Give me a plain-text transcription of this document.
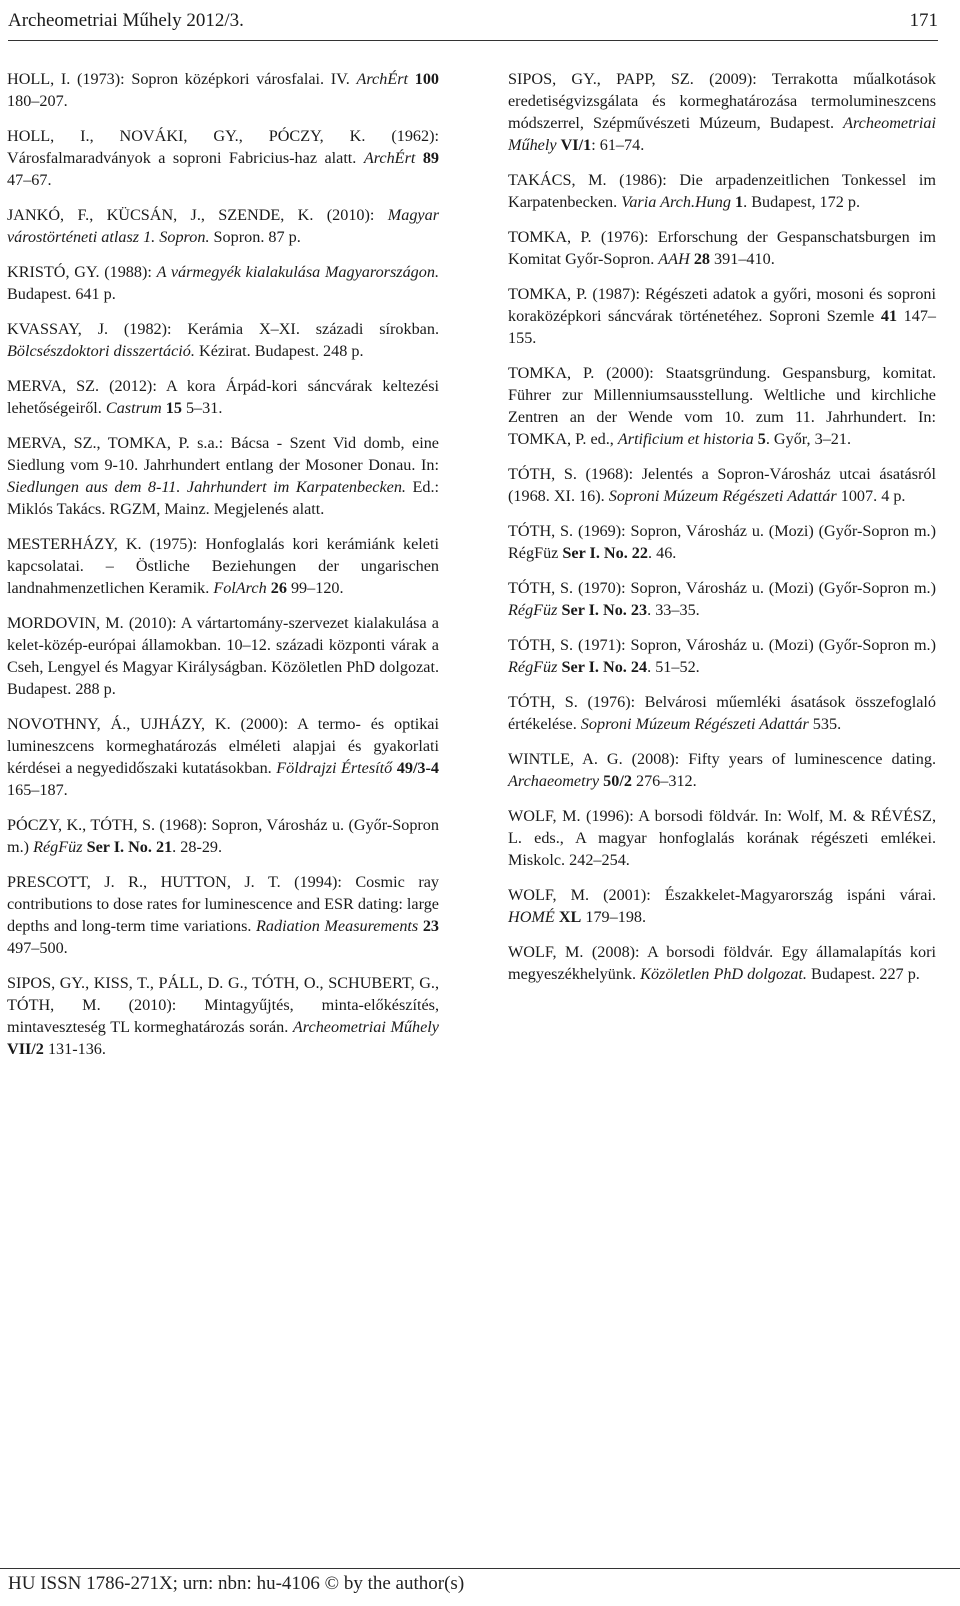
Archeometriai Műhely 2012/3.	171

HOLL, I. (1973): Sopron középkori városfalai. IV. ArchÉrt 100 180–207.

HOLL, I., NOVÁKI, GY., PÓCZY, K. (1962): Városfalmaradványok a soproni Fabricius-haz alatt. ArchÉrt 89 47–67.

JANKÓ, F., KÜCSÁN, J., SZENDE, K. (2010): Magyar várostörténeti atlasz 1. Sopron. Sopron. 87 p.

KRISTÓ, GY. (1988): A vármegyék kialakulása Magyarországon. Budapest. 641 p.

KVASSAY, J. (1982): Kerámia X–XI. századi sírokban. Bölcsészdoktori disszertáció. Kézirat. Budapest. 248 p.

MERVA, SZ. (2012): A kora Árpád-kori sáncvárak keltezési lehetőségeiről. Castrum 15 5–31.

MERVA, SZ., TOMKA, P. s.a.: Bácsa - Szent Vid domb, eine Siedlung vom 9-10. Jahrhundert entlang der Mosoner Donau. In: Siedlungen aus dem 8-11. Jahrhundert im Karpatenbecken. Ed.: Miklós Takács. RGZM, Mainz. Megjelenés alatt.

MESTERHÁZY, K. (1975): Honfoglalás kori kerámiánk keleti kapcsolatai. – Östliche Beziehungen der ungarischen landnahmenzetlichen Keramik. FolArch 26 99–120.

MORDOVIN, M. (2010): A vártartomány-szervezet kialakulása a kelet-közép-európai államokban. 10–12. századi központi várak a Cseh, Lengyel és Magyar Királyságban. Közöletlen PhD dolgozat. Budapest. 288 p.

NOVOTHNY, Á., UJHÁZY, K. (2000): A termo- és optikai lumineszcens kormeghatározás elméleti alapjai és gyakorlati kérdései a negyedidőszaki kutatásokban. Földrajzi Értesítő 49/3-4 165–187.

PÓCZY, K., TÓTH, S. (1968): Sopron, Városház u. (Győr-Sopron m.) RégFüz Ser I. No. 21. 28-29.

PRESCOTT, J. R., HUTTON, J. T. (1994): Cosmic ray contributions to dose rates for luminescence and ESR dating: large depths and long-term time variations. Radiation Measurements 23 497–500.

SIPOS, GY., KISS, T., PÁLL, D. G., TÓTH, O., SCHUBERT, G., TÓTH, M. (2010): Mintagyűjtés, minta-előkészítés, mintaveszteség TL kormeghatározás során. Archeometriai Műhely VII/2 131-136.

SIPOS, GY., PAPP, SZ. (2009): Terrakotta műalkotások eredetiségvizsgálata és kormeghatározása termolumineszcens módszerrel, Szépművészeti Múzeum, Budapest. Archeometriai Műhely VI/1: 61–74.

TAKÁCS, M. (1986): Die arpadenzeitlichen Tonkessel im Karpatenbecken. Varia Arch.Hung 1. Budapest, 172 p.

TOMKA, P. (1976): Erforschung der Gespanschatsburgen im Komitat Győr-Sopron. AAH 28 391–410.

TOMKA, P. (1987): Régészeti adatok a győri, mosoni és soproni koraközépkori sáncvárak történetéhez. Soproni Szemle 41 147–155.

TOMKA, P. (2000): Staatsgründung. Gespansburg, komitat. Führer zur Millenniumsausstellung. Weltliche und kirchliche Zentren an der Wende vom 10. zum 11. Jahrhundert. In: TOMKA, P. ed., Artificium et historia 5. Győr, 3–21.

TÓTH, S. (1968): Jelentés a Sopron-Városház utcai ásatásról (1968. XI. 16). Soproni Múzeum Régészeti Adattár 1007. 4 p.

TÓTH, S. (1969): Sopron, Városház u. (Mozi) (Győr-Sopron m.) RégFüz Ser I. No. 22. 46.

TÓTH, S. (1970): Sopron, Városház u. (Mozi) (Győr-Sopron m.) RégFüz Ser I. No. 23. 33–35.

TÓTH, S. (1971): Sopron, Városház u. (Mozi) (Győr-Sopron m.) RégFüz Ser I. No. 24. 51–52.

TÓTH, S. (1976): Belvárosi műemléki ásatások összefoglaló értékelése. Soproni Múzeum Régészeti Adattár 535.

WINTLE, A. G. (2008): Fifty years of luminescence dating. Archaeometry 50/2 276–312.

WOLF, M. (1996): A borsodi földvár. In: Wolf, M. & RÉVÉSZ, L. eds., A magyar honfoglalás korának régészeti emlékei. Miskolc. 242–254.

WOLF, M. (2001): Északkelet-Magyarország ispáni várai. HOMÉ XL 179–198.

WOLF, M. (2008): A borsodi földvár. Egy államalapítás kori megyeszékhelyünk. Közöletlen PhD dolgozat. Budapest. 227 p.

HU ISSN 1786-271X; urn: nbn: hu-4106 © by the author(s)
